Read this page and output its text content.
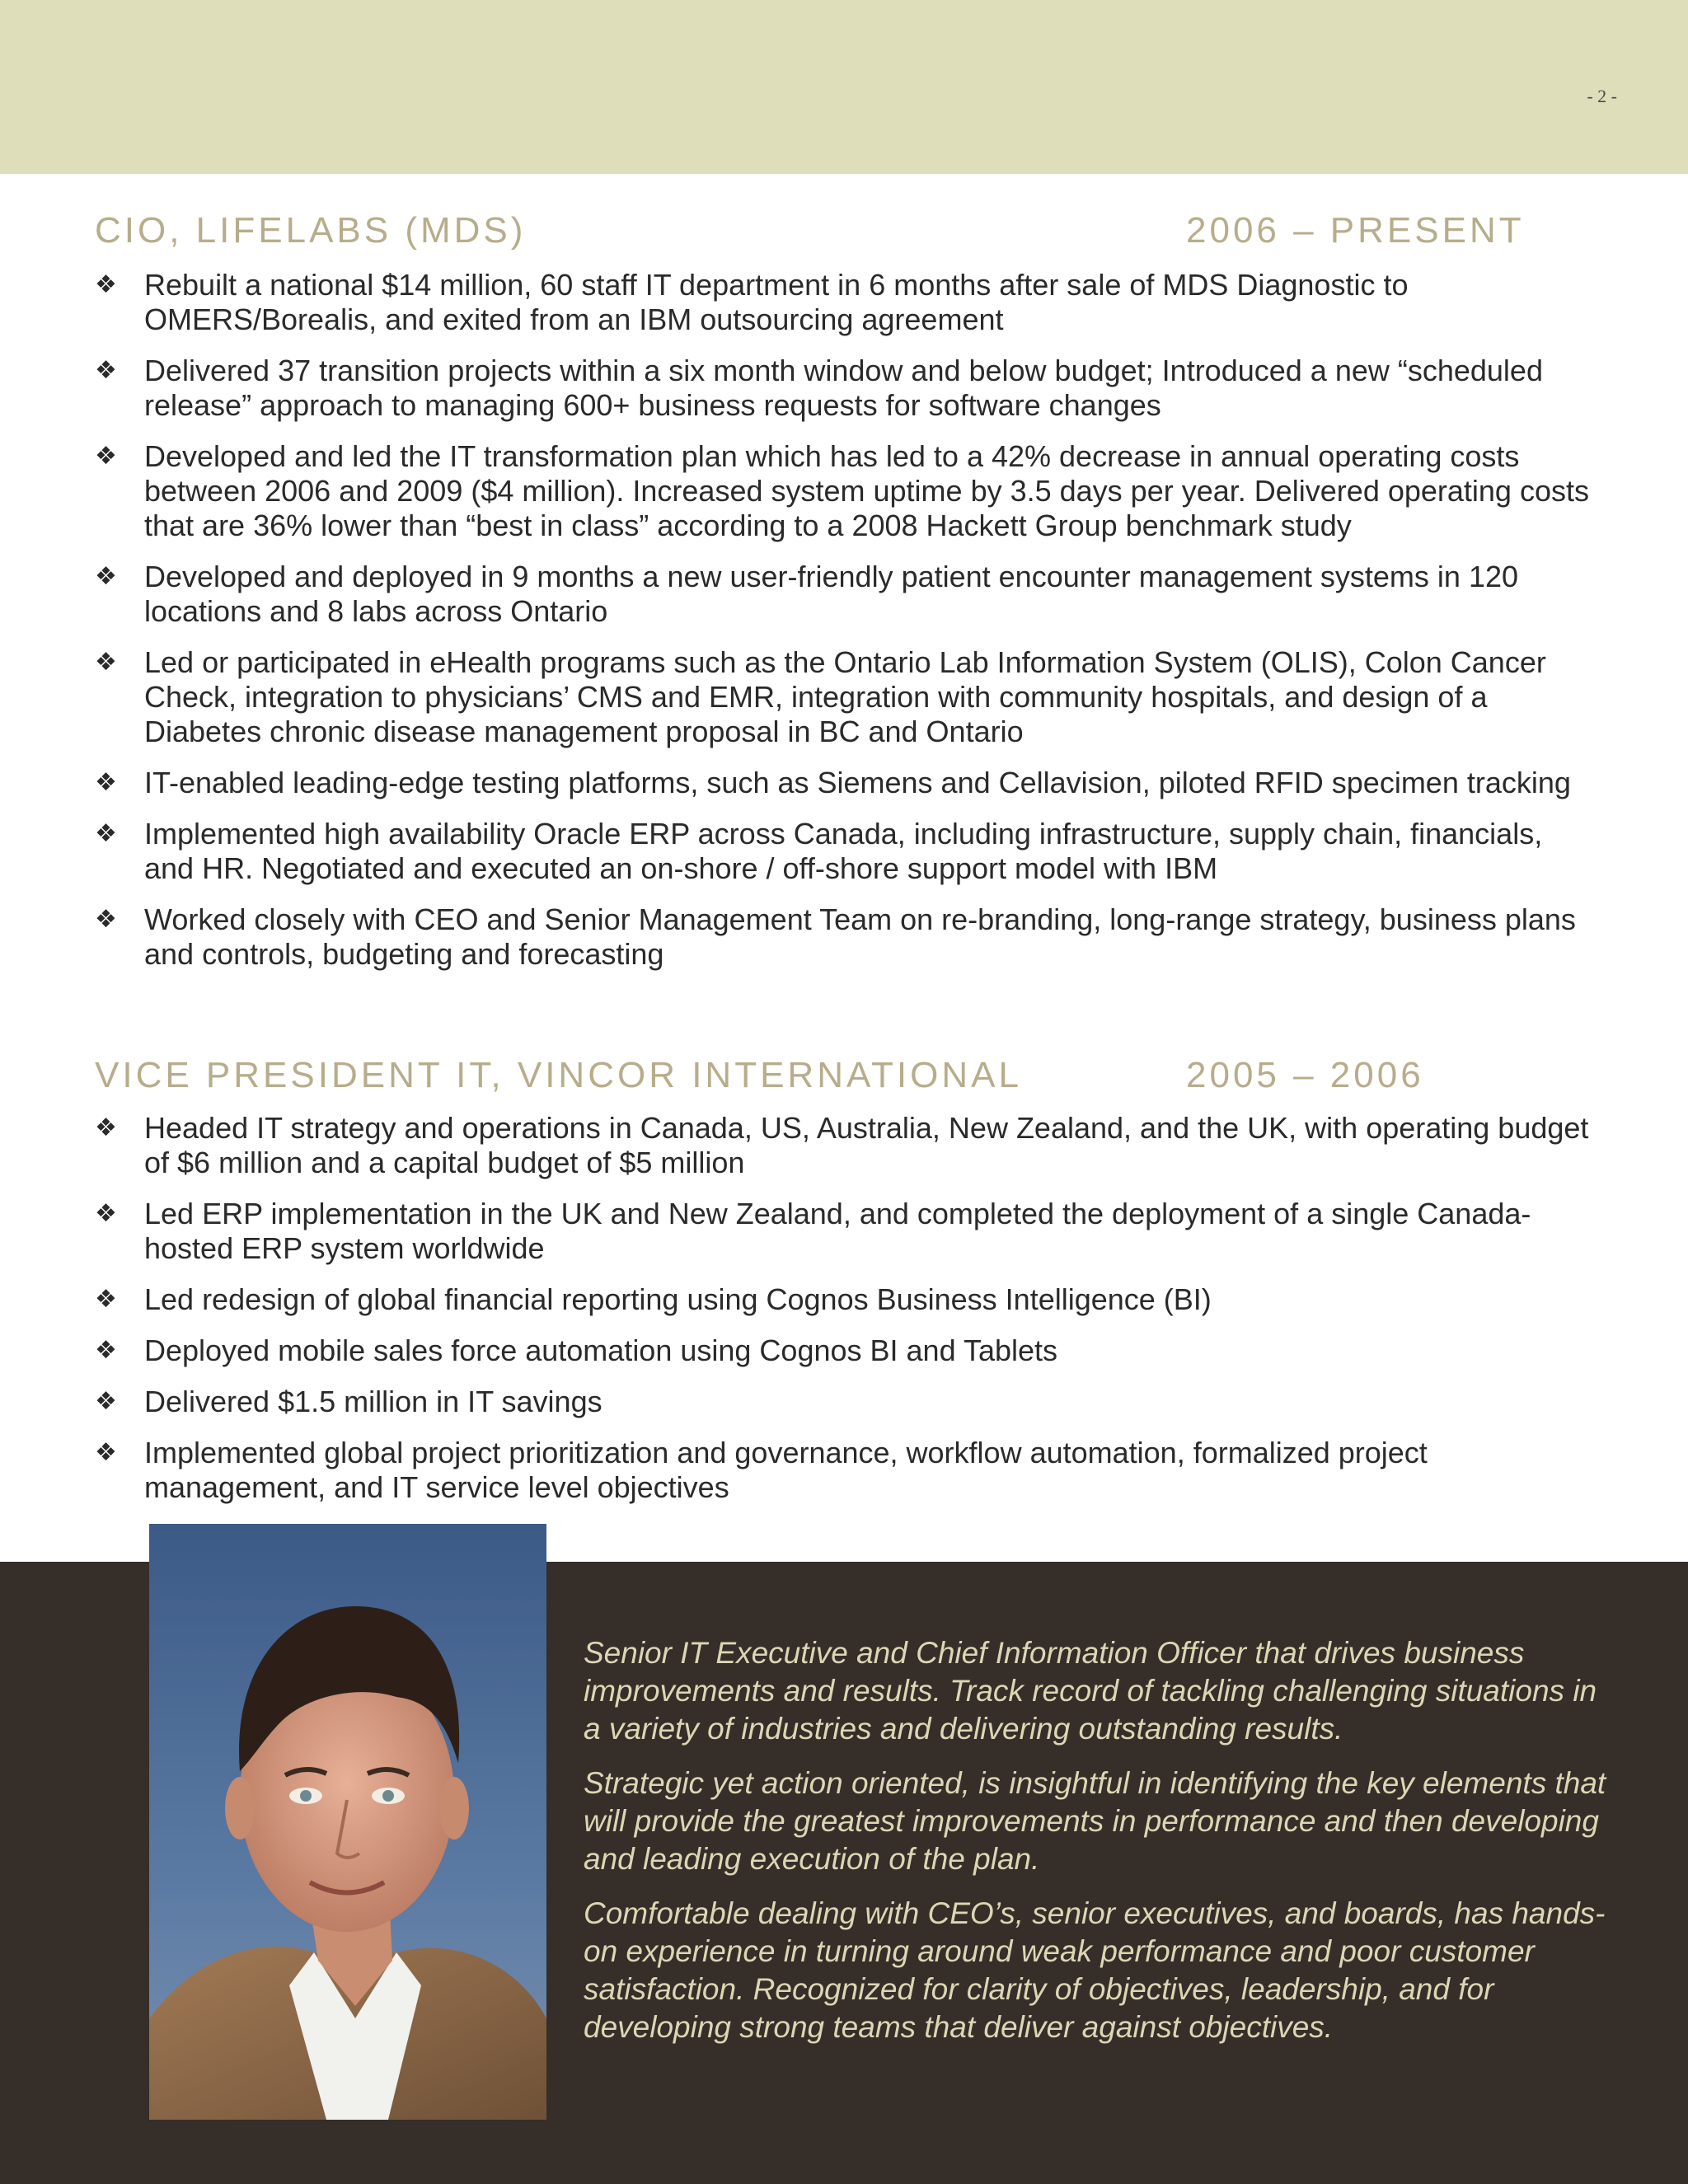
- 2 -
CIO, LIFELABS (MDS)	2006 – PRESENT
❖ Rebuilt a national $14 million, 60 staff IT department in 6 months after sale of MDS Diagnostic to OMERS/Borealis, and exited from an IBM outsourcing agreement
❖ Delivered 37 transition projects within a six month window and below budget; Introduced a new “scheduled release” approach to managing 600+ business requests for software changes
❖ Developed and led the IT transformation plan which has led to a 42% decrease in annual operating costs between 2006 and 2009 ($4 million). Increased system uptime by 3.5 days per year. Delivered operating costs that are 36% lower than “best in class” according to a 2008 Hackett Group benchmark study
❖ Developed and deployed in 9 months a new user-friendly patient encounter management systems in 120 locations and 8 labs across Ontario
❖ Led or participated in eHealth programs such as the Ontario Lab Information System (OLIS), Colon Cancer Check, integration to physicians’ CMS and EMR, integration with community hospitals, and design of a Diabetes chronic disease management proposal in BC and Ontario
❖ IT-enabled leading-edge testing platforms, such as Siemens and Cellavision, piloted RFID specimen tracking
❖ Implemented high availability Oracle ERP across Canada, including infrastructure, supply chain, financials, and HR. Negotiated and executed an on-shore / off-shore support model with IBM
❖ Worked closely with CEO and Senior Management Team on re-branding, long-range strategy, business plans and controls, budgeting and forecasting
VICE PRESIDENT IT, VINCOR INTERNATIONAL	2005 – 2006
❖ Headed IT strategy and operations in Canada, US, Australia, New Zealand, and the UK, with operating budget of $6 million and a capital budget of $5 million
❖ Led ERP implementation in the UK and New Zealand, and completed the deployment of a single Canada-hosted ERP system worldwide
❖ Led redesign of global financial reporting using Cognos Business Intelligence (BI)
❖ Deployed mobile sales force automation using Cognos BI and Tablets
❖ Delivered $1.5 million in IT savings
❖ Implemented global project prioritization and governance, workflow automation, formalized project management, and IT service level objectives

Senior IT Executive and Chief Information Officer that drives business improvements and results. Track record of tackling challenging situations in a variety of industries and delivering outstanding results.

Strategic yet action oriented, is insightful in identifying the key elements that will provide the greatest improvements in performance and then developing and leading execution of the plan.

Comfortable dealing with CEO’s, senior executives, and boards, has hands-on experience in turning around weak performance and poor customer satisfaction. Recognized for clarity of objectives, leadership, and for developing strong teams that deliver against objectives.
